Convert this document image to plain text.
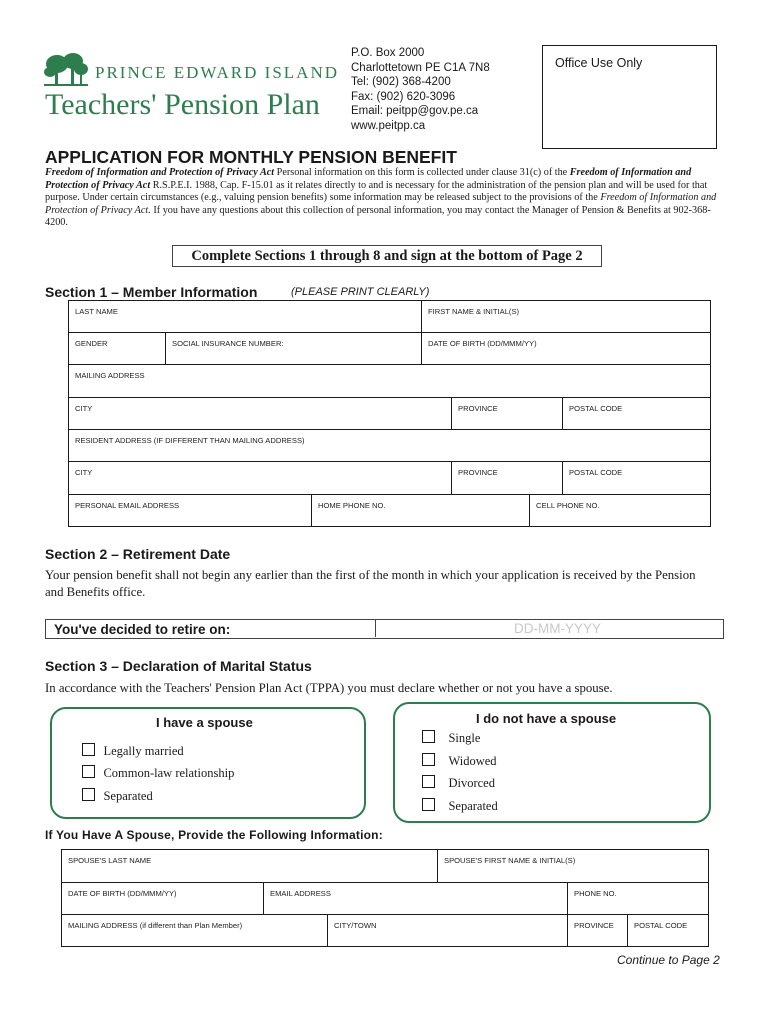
PRINCE EDWARD ISLAND
Teachers' Pension Plan
P.O. Box 2000
Charlottetown PE C1A 7N8
Tel: (902) 368-4200
Fax: (902) 620-3096
Email: peitpp@gov.pe.ca
www.peitpp.ca
Office Use Only
APPLICATION FOR MONTHLY PENSION BENEFIT
Freedom of Information and Protection of Privacy Act Personal information on this form is collected under clause 31(c) of the Freedom of Information and Protection of Privacy Act R.S.P.E.I. 1988, Cap. F-15.01 as it relates directly to and is necessary for the administration of the pension plan and will be used for that purpose. Under certain circumstances (e.g., valuing pension benefits) some information may be released subject to the provisions of the Freedom of Information and Protection of Privacy Act. If you have any questions about this collection of personal information, you may contact the Manager of Pension & Benefits at 902-368-4200.
Complete Sections 1 through 8 and sign at the bottom of Page 2
Section 1 – Member Information	(PLEASE PRINT CLEARLY)
LAST NAME			FIRST NAME & INITIAL(S)			
GENDER	SOCIAL INSURANCE NUMBER:		DATE OF BIRTH (DD/MMM/YY)			
MAILING ADDRESS						
CITY				PROVINCE		POSTAL CODE
RESIDENT ADDRESS (IF DIFFERENT THAN MAILING ADDRESS)						
CITY				PROVINCE		POSTAL CODE
PERSONAL EMAIL ADDRESS		HOME PHONE NO.			CELL PHONE NO.	
Section 2 – Retirement Date
Your pension benefit shall not begin any earlier than the first of the month in which your application is received by the Pension and Benefits office.
You've decided to retire on:	DD-MM-YYYY
Section 3 – Declaration of Marital Status
In accordance with the Teachers' Pension Plan Act (TPPA) you must declare whether or not you have a spouse.
I have a spouse
Legally married
Common-law relationship
Separated
I do not have a spouse
Single
Widowed
Divorced
Separated
If You Have A Spouse, Provide the Following Information:
SPOUSE'S LAST NAME			SPOUSE'S FIRST NAME & INITIAL(S)		
DATE OF BIRTH (DD/MMM/YY)	EMAIL ADDRESS			PHONE NO.	
MAILING ADDRESS (if different than Plan Member)		CITY/TOWN		PROVINCE	POSTAL CODE
Continue to Page 2
